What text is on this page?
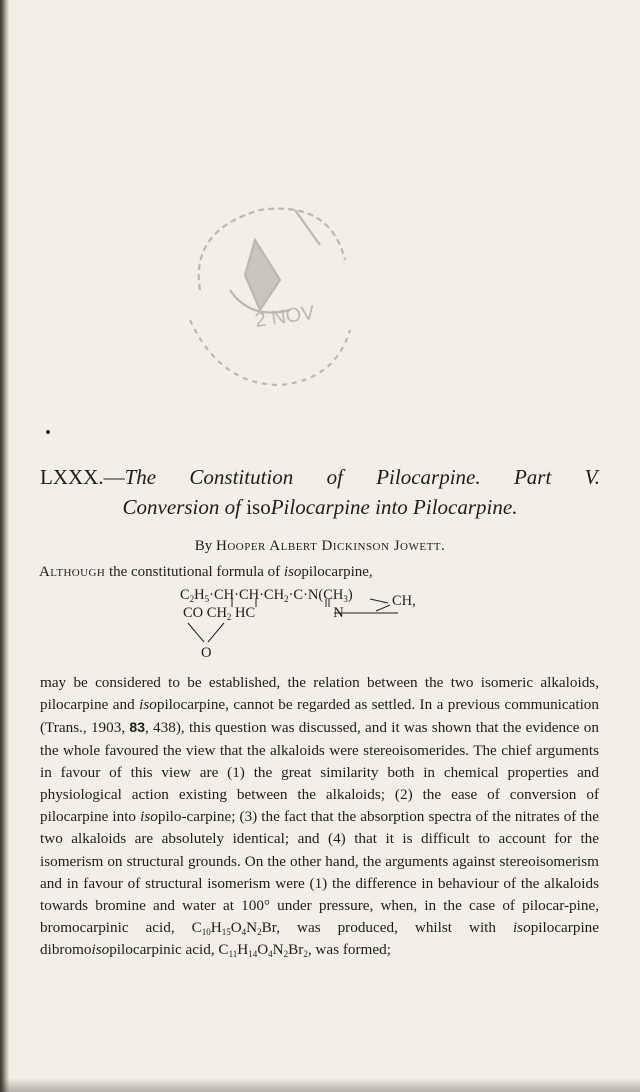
2 NOV
LXXX.—The Constitution of Pilocarpine. Part V.
Conversion of isoPilocarpine into Pilocarpine.
By Hooper Albert Dickinson Jowett.
Although the constitutional formula of isopilocarpine,
$C_2H_5\cdot CH\cdot CH\cdot CH_2\cdot C\cdot N(CH_3)$
CO $CH_2$ HC	N
O
CH,

may be considered to be established, the relation between the two isomeric alkaloids, pilocarpine and isopilocarpine, cannot be regarded as settled. In a previous communication (Trans., 1903, 83, 438), this question was discussed, and it was shown that the evidence on the whole favoured the view that the alkaloids were stereoisomerides. The chief arguments in favour of this view are (1) the great similarity both in chemical properties and physiological action existing between the alkaloids; (2) the ease of conversion of pilocarpine into isopilo-carpine; (3) the fact that the absorption spectra of the nitrates of the two alkaloids are absolutely identical; and (4) that it is difficult to account for the isomerism on structural grounds. On the other hand, the arguments against stereoisomerism and in favour of structural isomerism were (1) the difference in behaviour of the alkaloids towards bromine and water at 100° under pressure, when, in the case of pilocar-pine, bromocarpinic acid, $C_{10}H_{15}O_4N_2Br$, was produced, whilst with isopilocarpine dibromoisopilocarpinic acid, $C_{11}H_{14}O_4N_2Br_2$, was formed;
